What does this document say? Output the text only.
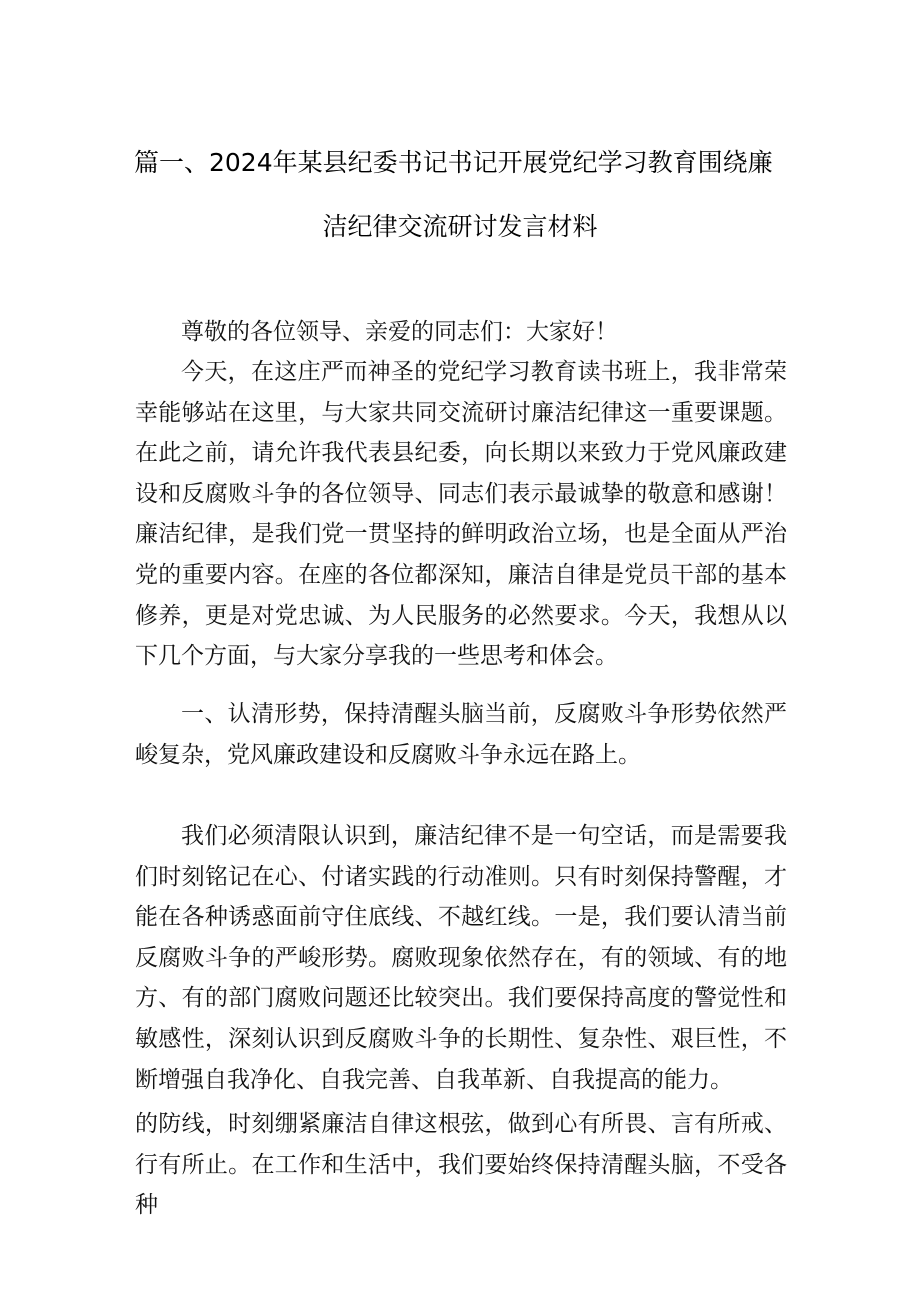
篇一、2024年某县纪委书记书记开展党纪学习教育围绕廉
洁纪律交流研讨发言材料

尊敬的各位领导、亲爱的同志们：大家好！

今天，在这庄严而神圣的党纪学习教育读书班上，我非常荣幸能够站在这里，与大家共同交流研讨廉洁纪律这一重要课题。在此之前，请允许我代表县纪委，向长期以来致力于党风廉政建设和反腐败斗争的各位领导、同志们表示最诚挚的敬意和感谢！廉洁纪律，是我们党一贯坚持的鲜明政治立场，也是全面从严治党的重要内容。在座的各位都深知，廉洁自律是党员干部的基本修养，更是对党忠诚、为人民服务的必然要求。今天，我想从以下几个方面，与大家分享我的一些思考和体会。

一、认清形势，保持清醒头脑当前，反腐败斗争形势依然严峻复杂，党风廉政建设和反腐败斗争永远在路上。

我们必须清限认识到，廉洁纪律不是一句空话，而是需要我们时刻铭记在心、付诸实践的行动准则。只有时刻保持警醒，才能在各种诱惑面前守住底线、不越红线。一是，我们要认清当前反腐败斗争的严峻形势。腐败现象依然存在，有的领域、有的地方、有的部门腐败问题还比较突出。我们要保持高度的警觉性和敏感性，深刻认识到反腐败斗争的长期性、复杂性、艰巨性，不断增强自我净化、自我完善、自我革新、自我提高的能力。

的防线，时刻绷紧廉洁自律这根弦，做到心有所畏、言有所戒、行有所止。在工作和生活中，我们要始终保持清醒头脑，不受各种
